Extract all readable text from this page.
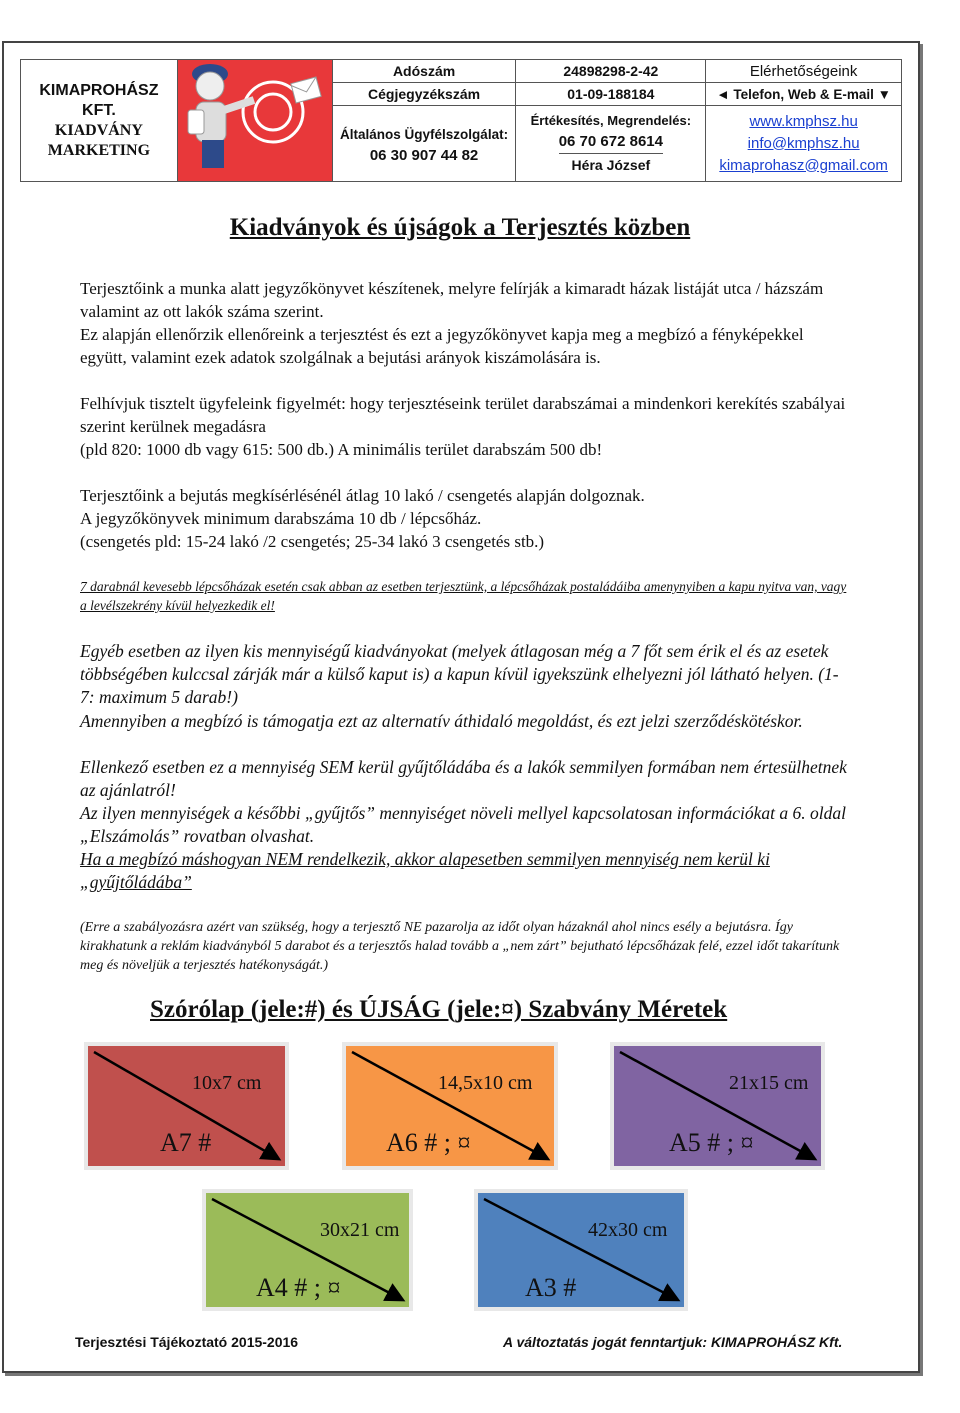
KIMAPROHÁSZ
KFT.
KIADVÁNY
MARKETING
Adószám
Cégjegyzékszám
Általános Ügyfélszolgálat:
06 30 907 44 82
24898298-2-42
01-09-188184
Értékesítés, Megrendelés:
06 70 672 8614
Héra József
Elérhetőségeink
◄ Telefon, Web & E-mail ▼
www.kmphsz.hu
info@kmphsz.hu
kimaprohasz@gmail.com
Kiadványok és újságok a Terjesztés közben
Terjesztőink a munka alatt jegyzőkönyvet készítenek, melyre felírják a kimaradt házak listáját utca / házszám valamint az ott lakók száma szerint.
Ez alapján ellenőrzik ellenőreink a terjesztést és ezt a jegyzőkönyvet kapja meg a megbízó a fényképekkel együtt, valamint ezek adatok szolgálnak a bejutási arányok kiszámolására is.
Felhívjuk tisztelt ügyfeleink figyelmét: hogy terjesztéseink terület darabszámai a mindenkori kerekítés szabályai szerint kerülnek megadásra
(pld 820: 1000 db vagy 615: 500 db.) A minimális terület darabszám 500 db!
Terjesztőink a bejutás megkísérlésénél átlag 10 lakó / csengetés alapján dolgoznak.
A jegyzőkönyvek minimum darabszáma 10 db / lépcsőház.
(csengetés pld: 15-24 lakó /2 csengetés; 25-34 lakó 3 csengetés stb.)
7 darabnál kevesebb lépcsőházak esetén csak abban az esetben terjesztünk, a lépcsőházak postaládáiba amenynyiben a kapu nyitva van, vagy a levélszekrény kívül helyezkedik el!
Egyéb esetben az ilyen kis mennyiségű kiadványokat (melyek átlagosan még a 7 főt sem érik el és az esetek többségében kulccsal zárják már a külső kaput is) a kapun kívül igyekszünk elhelyezni jól látható helyen. (1-7: maximum 5 darab!)
Amennyiben a megbízó is támogatja ezt az alternatív áthidaló megoldást, és ezt jelzi szerződéskötéskor.
Ellenkező esetben ez a mennyiség SEM kerül gyűjtőládába és a lakók semmilyen formában nem értesülhetnek az ajánlatról!
Az ilyen mennyiségek a későbbi „gyűjtős” mennyiséget növeli mellyel kapcsolatosan információkat a 6. oldal „Elszámolás” rovatban olvashat.
Ha a megbízó máshogyan NEM rendelkezik, akkor alapesetben semmilyen mennyiség nem kerül ki „gyűjtőládába”
(Erre a szabályozásra azért van szükség, hogy a terjesztő NE pazarolja az időt olyan házaknál ahol nincs esély a bejutásra. Így kirakhatunk a reklám kiadványból 5 darabot és a terjesztős halad tovább a „nem zárt” bejutható lépcsőházak felé, ezzel időt takarítunk meg és növeljük a terjesztés hatékonyságát.)
Szórólap (jele:#) és ÚJSÁG (jele:¤) Szabvány Méretek
10x7 cm
A7 #
14,5x10 cm
A6 # ; ¤
21x15 cm
A5 # ; ¤
30x21 cm
A4 # ; ¤
42x30 cm
A3 #
Terjesztési Tájékoztató 2015-2016	A változtatás jogát fenntartjuk: KIMAPROHÁSZ Kft.
